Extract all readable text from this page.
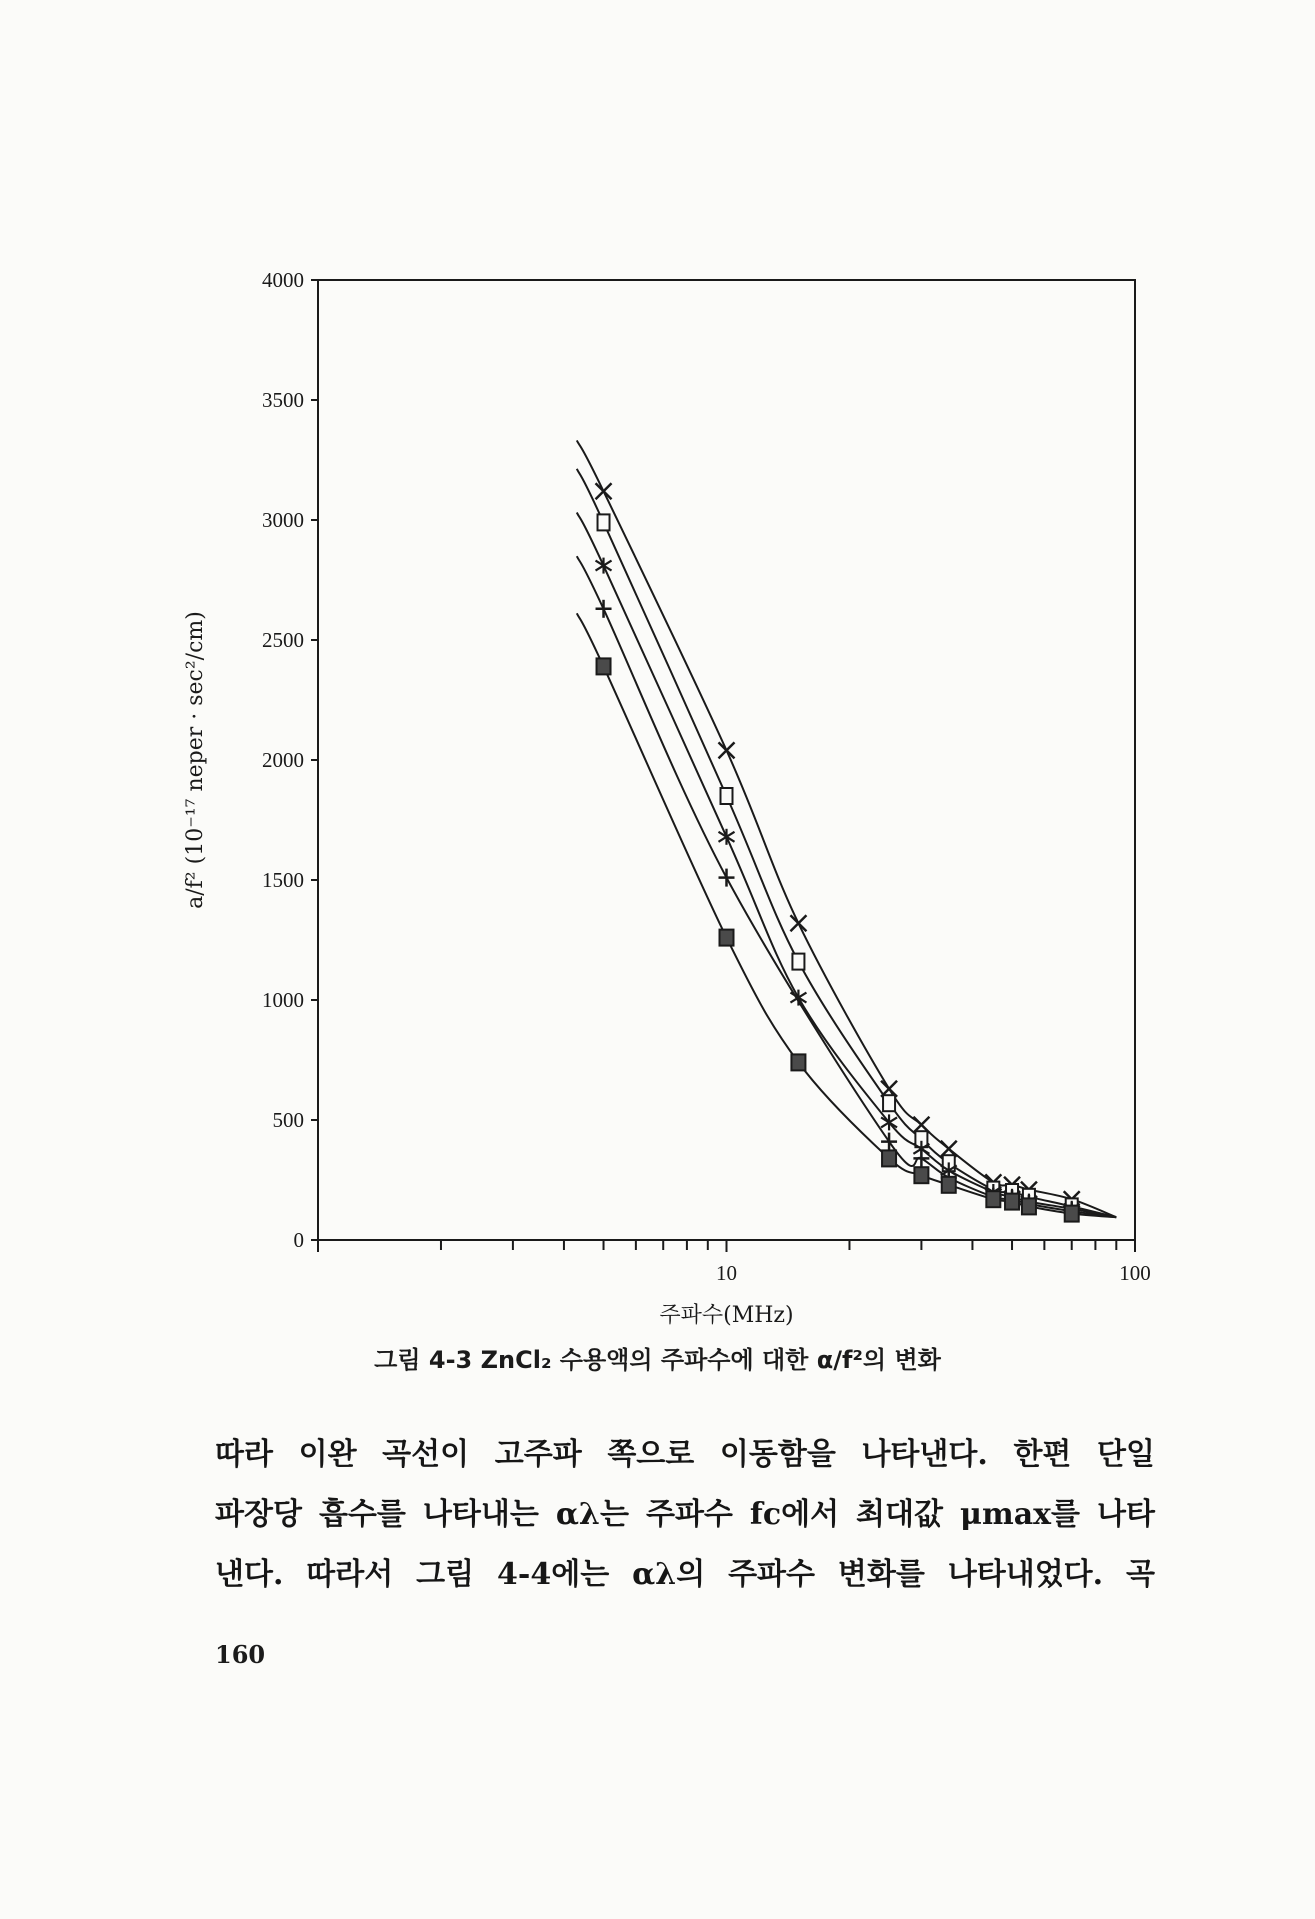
0
500
1000
1500
2000
2500
3000
3500
4000
10	100
주파수(MHz)
a/f² (10⁻¹⁷ neper · sec²/cm)
그림 4-3 ZnCl₂ 수용액의 주파수에 대한 α/f²의 변화
따라 이완 곡선이 고주파 쪽으로 이동함을 나타낸다. 한편 단일
파장당 흡수를 나타내는 αλ는 주파수 fc에서 최대값 μmax를 나타
낸다. 따라서 그림 4-4에는 αλ의 주파수 변화를 나타내었다. 곡
160
